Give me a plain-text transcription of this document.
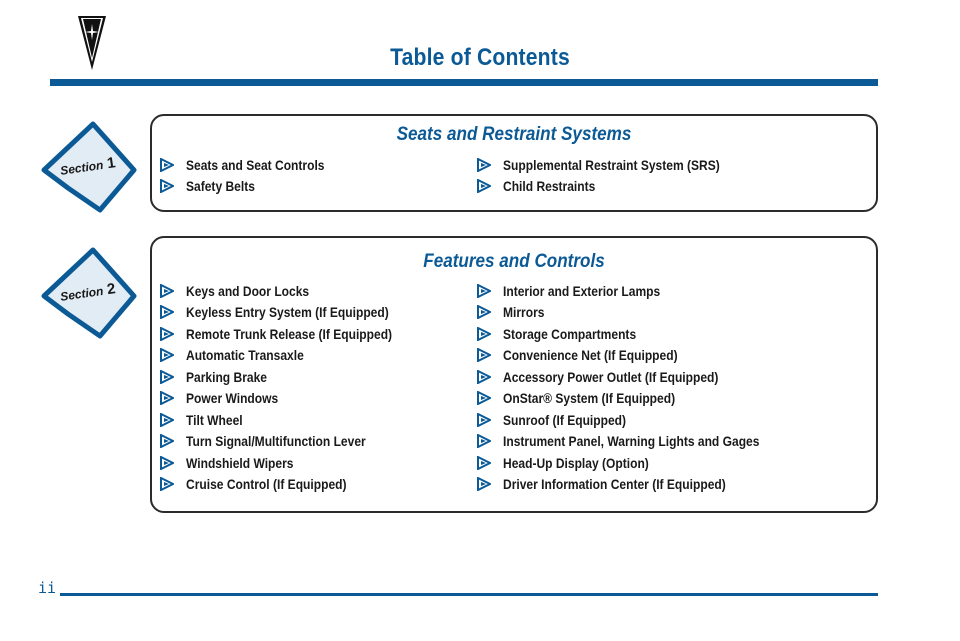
Table of Contents
Section 1
Seats and Restraint Systems
Seats and Seat Controls
Safety Belts
Supplemental Restraint System (SRS)
Child Restraints
Section 2
Features and Controls
Keys and Door Locks
Keyless Entry System (If Equipped)
Remote Trunk Release (If Equipped)
Automatic Transaxle
Parking Brake
Power Windows
Tilt Wheel
Turn Signal/Multifunction Lever
Windshield Wipers
Cruise Control (If Equipped)
Interior and Exterior Lamps
Mirrors
Storage Compartments
Convenience Net (If Equipped)
Accessory Power Outlet (If Equipped)
OnStar® System (If Equipped)
Sunroof (If Equipped)
Instrument Panel, Warning Lights and Gages
Head-Up Display (Option)
Driver Information Center (If Equipped)
ii
